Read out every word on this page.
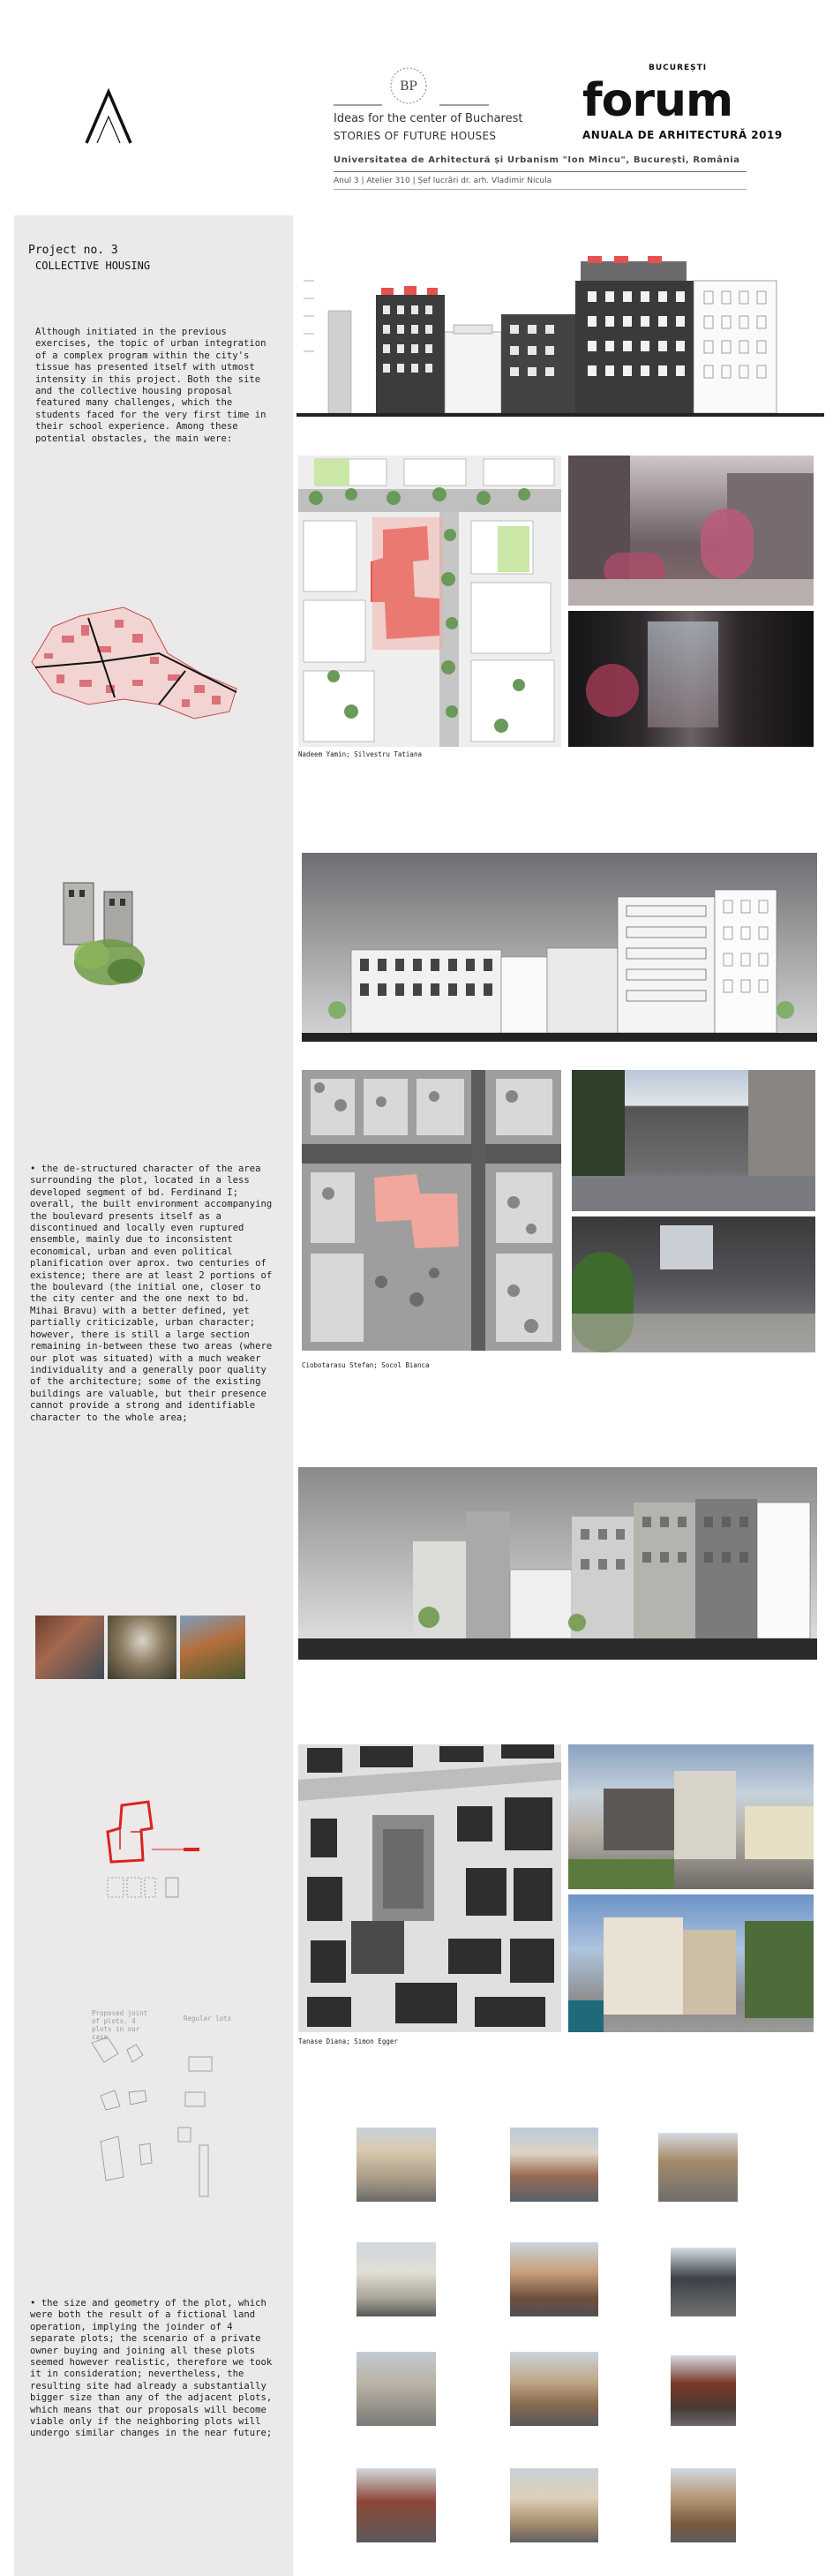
BP
Ideas for the center of Bucharest
STORIES OF FUTURE HOUSES
BUCUREȘTI
forum
ANUALA DE ARHITECTURĂ 2019
Universitatea de Arhitectură și Urbanism "Ion Mincu", București, România
Anul 3 | Atelier 310 | Șef lucrări dr. arh. Vladimir Nicula
Project no. 3
COLLECTIVE HOUSING
Although initiated in the previous exercises, the topic of urban integration of a complex program within the city's tissue has presented itself with utmost intensity in this project. Both the site and the collective housing proposal featured many challenges, which the students faced for the very first time in their school experience. Among these potential obstacles, the main were:
• the de-structured character of the area surrounding the plot, located in a less developed segment of bd. Ferdinand I; overall, the built environment accompanying the boulevard presents itself as a discontinued and locally even ruptured ensemble, mainly due to inconsistent economical, urban and even political planification over aprox. two centuries of existence; there are at least 2 portions of the boulevard (the initial one, closer to the city center and the one next to bd. Mihai Bravu) with a better defined, yet partially criticizable, urban character; however, there is still a large section remaining in-between these two areas (where our plot was situated) with a much weaker individuality and a generally poor quality of the architecture; some of the existing buildings are valuable, but their presence cannot provide a strong and identifiable character to the whole area;
Proposed joint of plots, 4 plots in our case
Regular lots
• the size and geometry of the plot, which were both the result of a fictional land operation, implying the joinder of 4 separate plots; the scenario of a private owner buying and joining all these plots seemed however realistic, therefore we took it in consideration; nevertheless, the resulting site had already a substantially bigger size than any of the adjacent plots, which means that our proposals will become viable only if the neighboring plots will undergo similar changes in the near future;
Nadeem Yamin; Silvestru Tatiana
Ciobotarasu Stefan; Socol Bianca
Tanase Diana; Simon Egger
